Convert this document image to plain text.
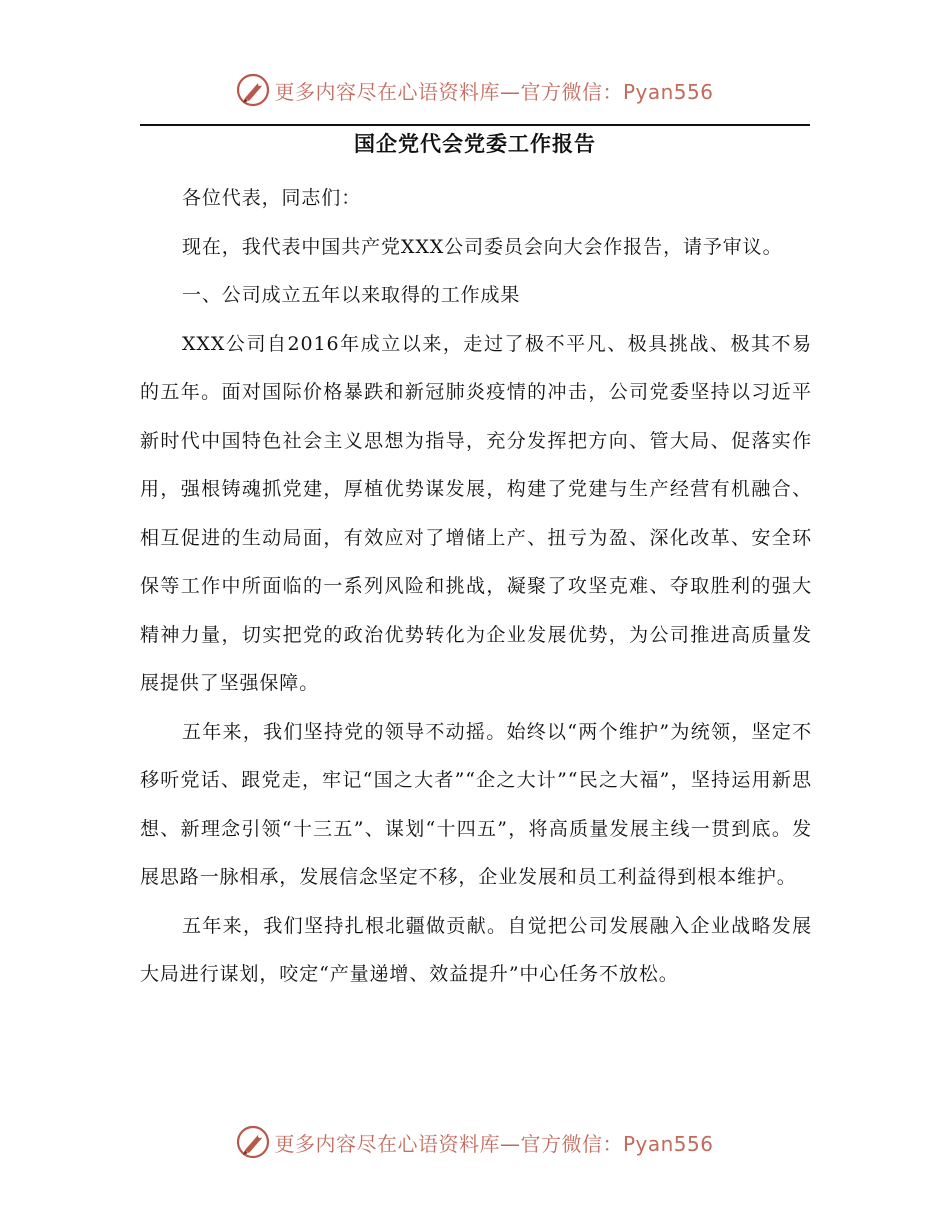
更多内容尽在心语资料库—官方微信：Pyan556
国企党代会党委工作报告

各位代表，同志们：

现在，我代表中国共产党XXX公司委员会向大会作报告，请予审议。

一、公司成立五年以来取得的工作成果

XXX公司自2016年成立以来，走过了极不平凡、极具挑战、极其不易的五年。面对国际价格暴跌和新冠肺炎疫情的冲击，公司党委坚持以习近平新时代中国特色社会主义思想为指导，充分发挥把方向、管大局、促落实作用，强根铸魂抓党建，厚植优势谋发展，构建了党建与生产经营有机融合、相互促进的生动局面，有效应对了增储上产、扭亏为盈、深化改革、安全环保等工作中所面临的一系列风险和挑战，凝聚了攻坚克难、夺取胜利的强大精神力量，切实把党的政治优势转化为企业发展优势，为公司推进高质量发展提供了坚强保障。

五年来，我们坚持党的领导不动摇。始终以“两个维护”为统领，坚定不移听党话、跟党走，牢记“国之大者”“企之大计”“民之大福”，坚持运用新思想、新理念引领“十三五”、谋划“十四五”，将高质量发展主线一贯到底。发展思路一脉相承，发展信念坚定不移，企业发展和员工利益得到根本维护。

五年来，我们坚持扎根北疆做贡献。自觉把公司发展融入企业战略发展大局进行谋划，咬定“产量递增、效益提升”中心任务不放松。

更多内容尽在心语资料库—官方微信：Pyan556
